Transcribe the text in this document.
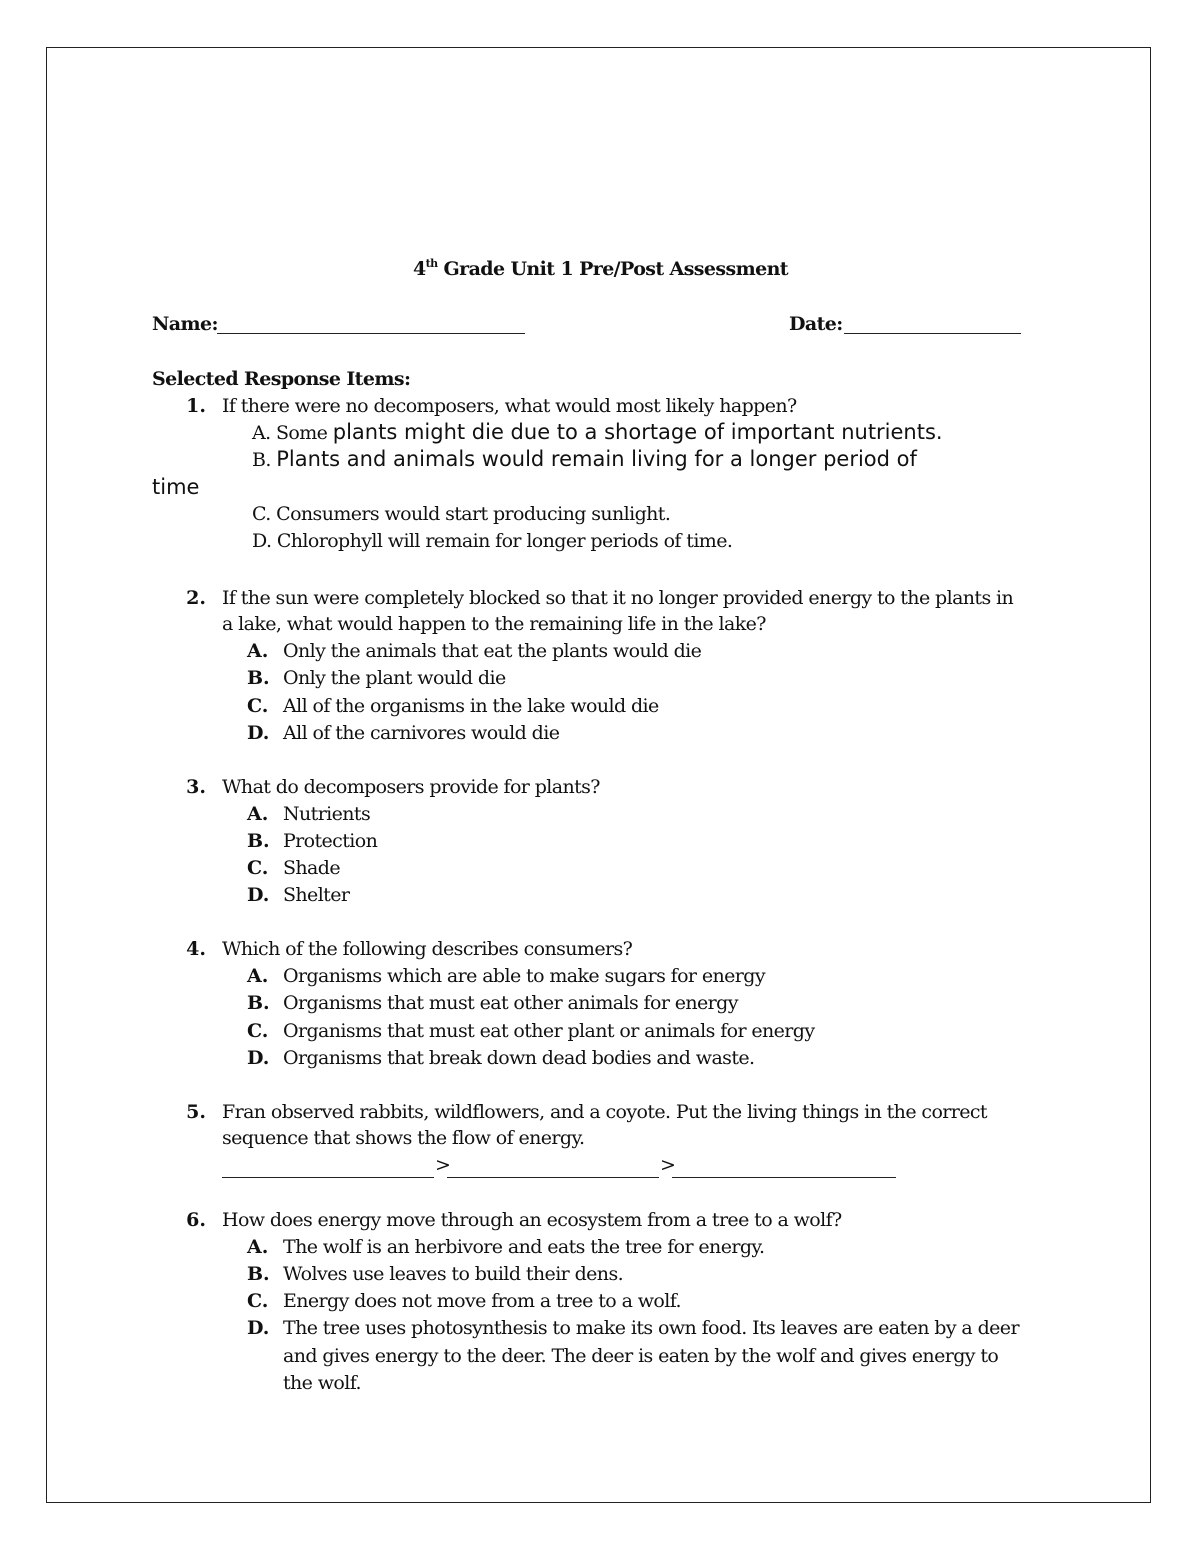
4th Grade Unit 1 Pre/Post Assessment
Name:	Date:
Selected Response Items:
1. If there were no decomposers, what would most likely happen?
A. Some plants might die due to a shortage of important nutrients.
B. Plants and animals would remain living for a longer period of
time
C. Consumers would start producing sunlight.
D. Chlorophyll will remain for longer periods of time.
2. If the sun were completely blocked so that it no longer provided energy to the plants in
a lake, what would happen to the remaining life in the lake?
A. Only the animals that eat the plants would die
B. Only the plant would die
C. All of the organisms in the lake would die
D. All of the carnivores would die
3. What do decomposers provide for plants?
A. Nutrients
B. Protection
C. Shade
D. Shelter
4. Which of the following describes consumers?
A. Organisms which are able to make sugars for energy
B. Organisms that must eat other animals for energy
C. Organisms that must eat other plant or animals for energy
D. Organisms that break down dead bodies and waste.
5. Fran observed rabbits, wildflowers, and a coyote. Put the living things in the correct
sequence that shows the flow of energy.
>	>
6. How does energy move through an ecosystem from a tree to a wolf?
A. The wolf is an herbivore and eats the tree for energy.
B. Wolves use leaves to build their dens.
C. Energy does not move from a tree to a wolf.
D. The tree uses photosynthesis to make its own food. Its leaves are eaten by a deer
and gives energy to the deer. The deer is eaten by the wolf and gives energy to
the wolf.
